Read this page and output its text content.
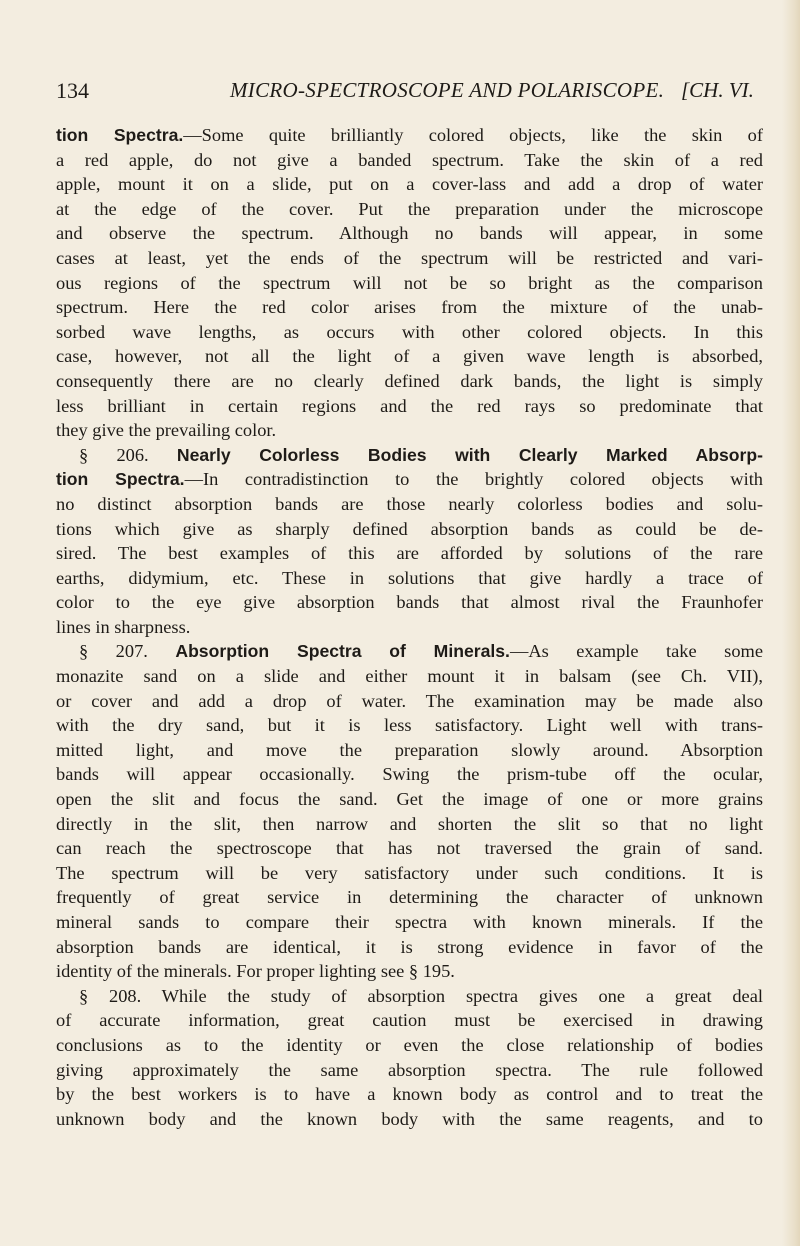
134	MICRO-SPECTROSCOPE AND POLARISCOPE. [CH. VI.
tion Spectra.—Some quite brilliantly colored objects, like the skin of
a red apple, do not give a banded spectrum. Take the skin of a red
apple, mount it on a slide, put on a cover-lass and add a drop of water
at the edge of the cover. Put the preparation under the microscope
and observe the spectrum. Although no bands will appear, in some
cases at least, yet the ends of the spectrum will be restricted and vari-
ous regions of the spectrum will not be so bright as the comparison
spectrum. Here the red color arises from the mixture of the unab-
sorbed wave lengths, as occurs with other colored objects. In this
case, however, not all the light of a given wave length is absorbed,
consequently there are no clearly defined dark bands, the light is simply
less brilliant in certain regions and the red rays so predominate that
they give the prevailing color.
§ 206. Nearly Colorless Bodies with Clearly Marked Absorp-
tion Spectra.—In contradistinction to the brightly colored objects with
no distinct absorption bands are those nearly colorless bodies and solu-
tions which give as sharply defined absorption bands as could be de-
sired. The best examples of this are afforded by solutions of the rare
earths, didymium, etc. These in solutions that give hardly a trace of
color to the eye give absorption bands that almost rival the Fraunhofer
lines in sharpness.
§ 207. Absorption Spectra of Minerals.—As example take some
monazite sand on a slide and either mount it in balsam (see Ch. VII),
or cover and add a drop of water. The examination may be made also
with the dry sand, but it is less satisfactory. Light well with trans-
mitted light, and move the preparation slowly around. Absorption
bands will appear occasionally. Swing the prism-tube off the ocular,
open the slit and focus the sand. Get the image of one or more grains
directly in the slit, then narrow and shorten the slit so that no light
can reach the spectroscope that has not traversed the grain of sand.
The spectrum will be very satisfactory under such conditions. It is
frequently of great service in determining the character of unknown
mineral sands to compare their spectra with known minerals. If the
absorption bands are identical, it is strong evidence in favor of the
identity of the minerals. For proper lighting see § 195.
§ 208. While the study of absorption spectra gives one a great deal
of accurate information, great caution must be exercised in drawing
conclusions as to the identity or even the close relationship of bodies
giving approximately the same absorption spectra. The rule followed
by the best workers is to have a known body as control and to treat the
unknown body and the known body with the same reagents, and to
